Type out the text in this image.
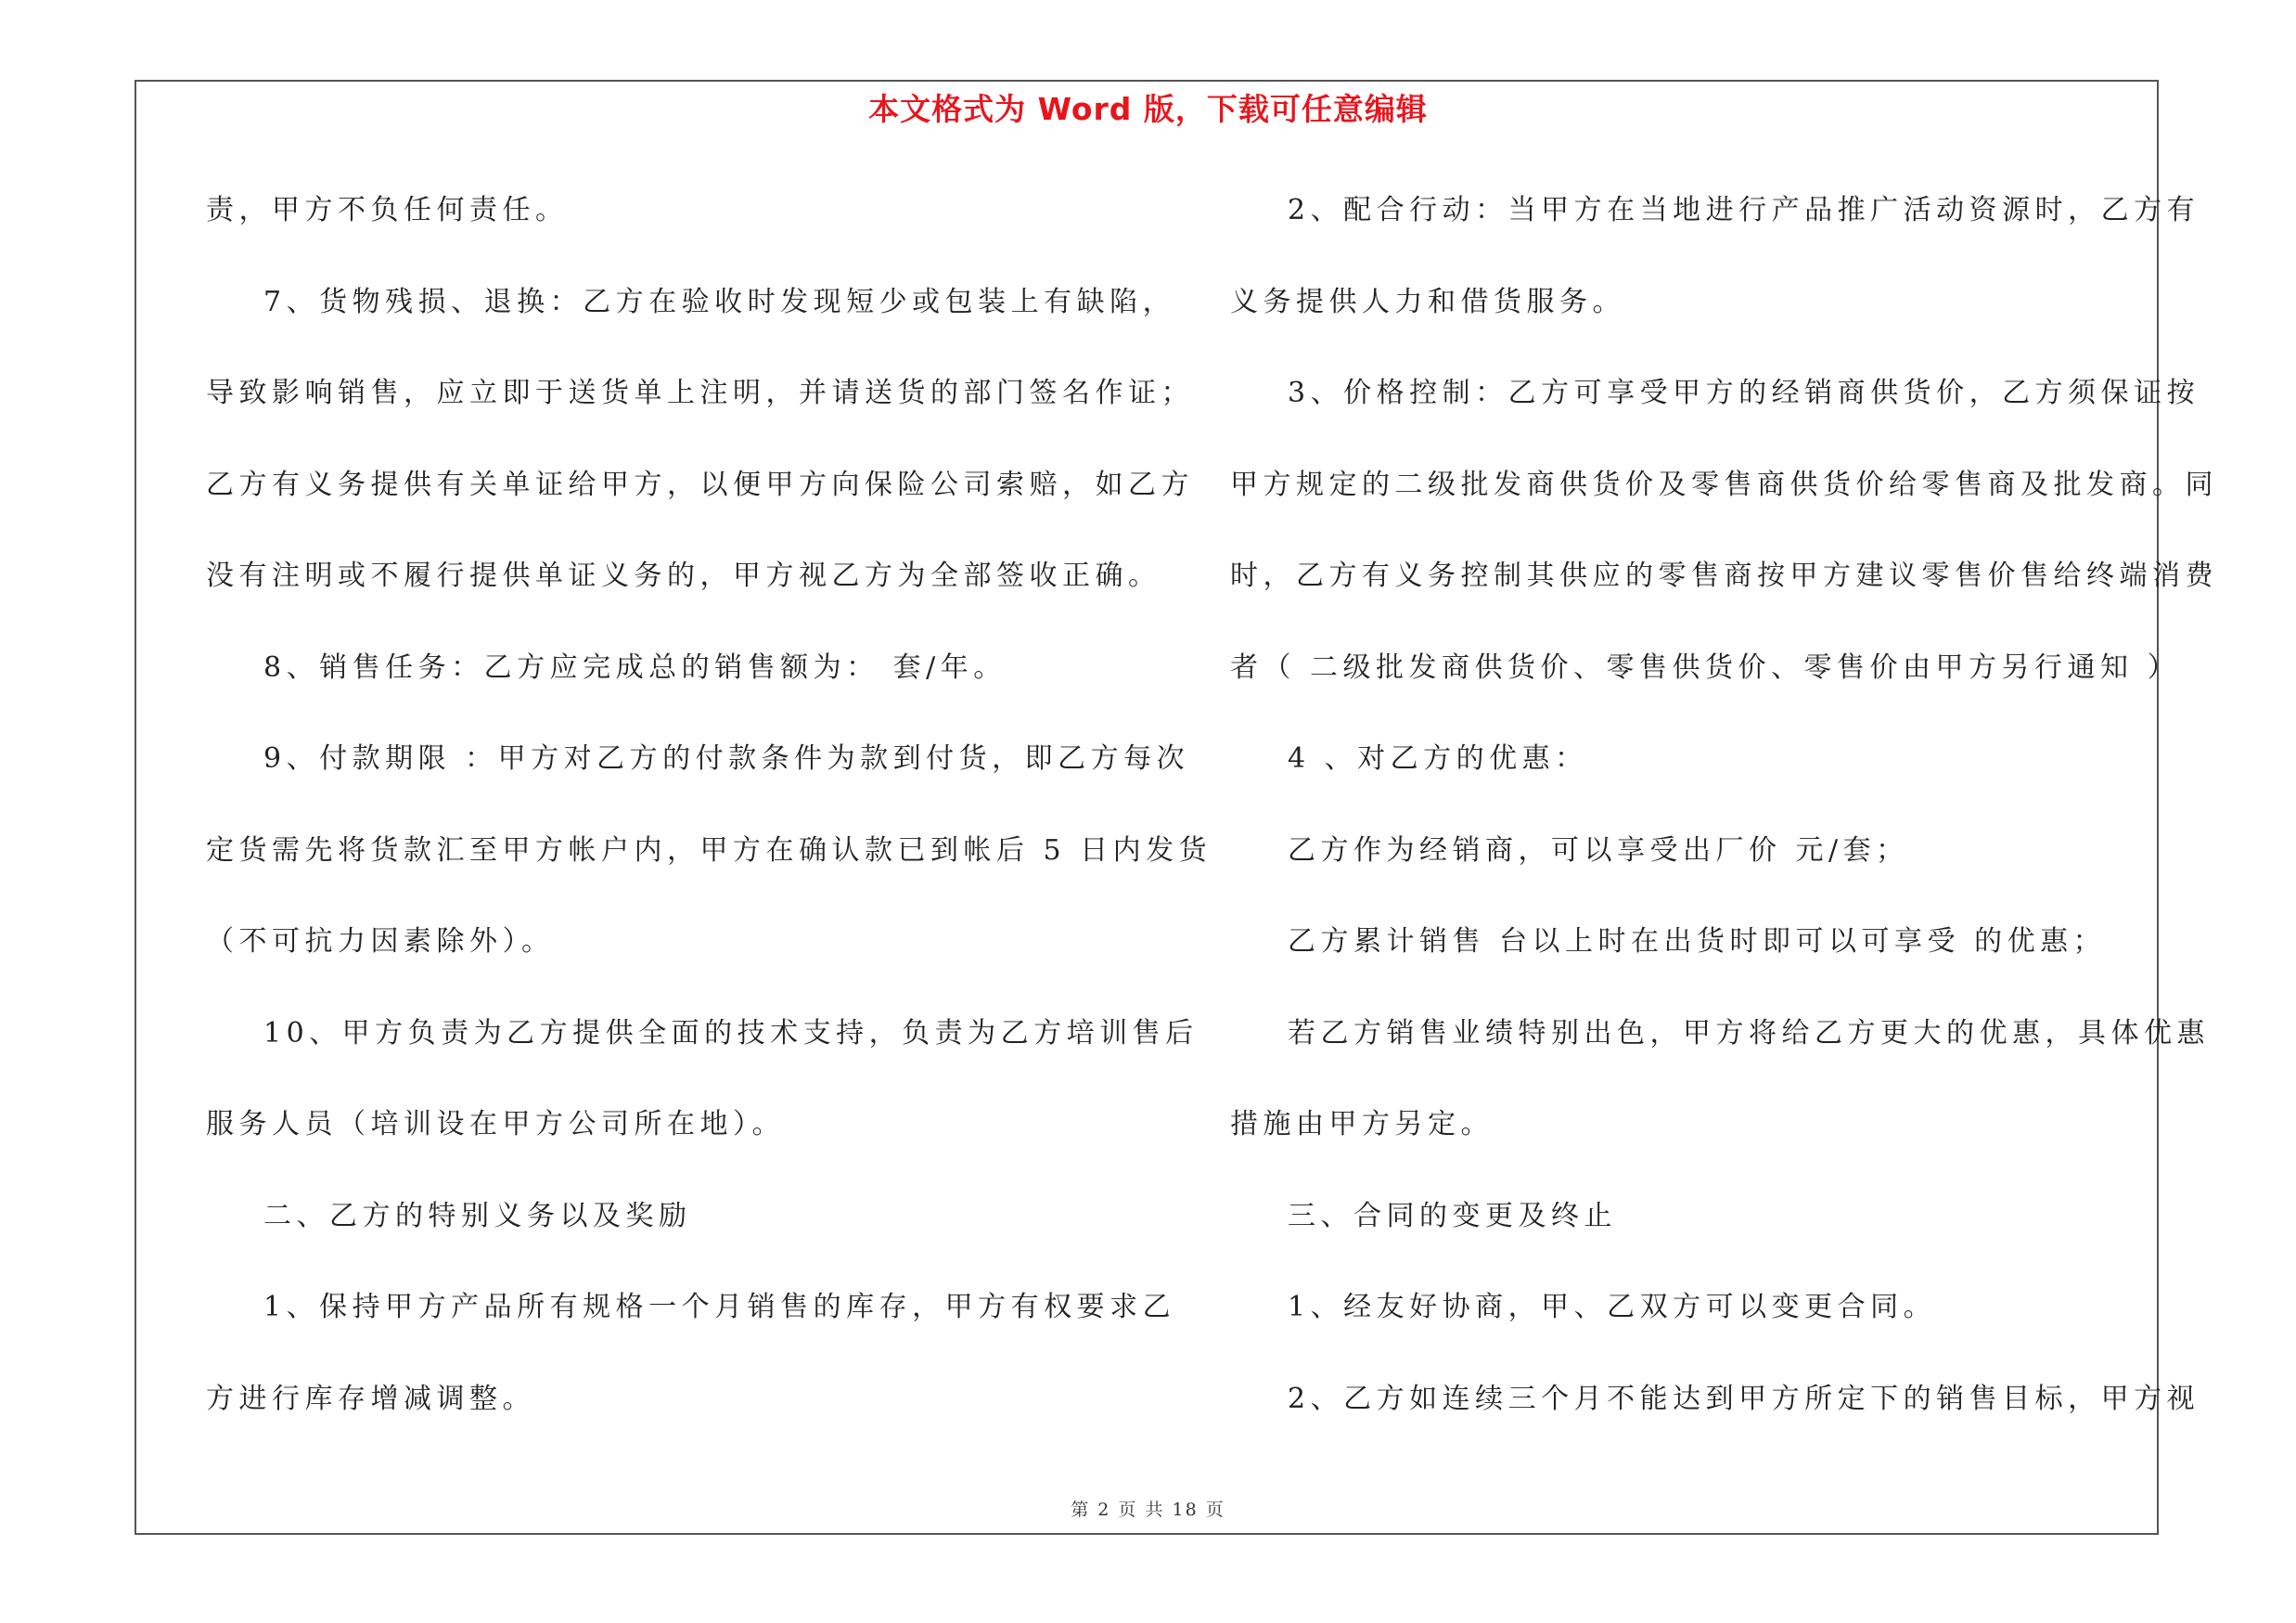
本文格式为 Word 版，下载可任意编辑
责，甲方不负任何责任。
7、货物残损、退换：乙方在验收时发现短少或包装上有缺陷，
导致影响销售，应立即于送货单上注明，并请送货的部门签名作证；
乙方有义务提供有关单证给甲方，以便甲方向保险公司索赔，如乙方
没有注明或不履行提供单证义务的，甲方视乙方为全部签收正确。
8、销售任务：乙方应完成总的销售额为： 套/年。
9、付款期限 ：甲方对乙方的付款条件为款到付货，即乙方每次
定货需先将货款汇至甲方帐户内，甲方在确认款已到帐后 5 日内发货
（不可抗力因素除外）。
10、甲方负责为乙方提供全面的技术支持，负责为乙方培训售后
服务人员（培训设在甲方公司所在地）。
二、乙方的特别义务以及奖励
1、保持甲方产品所有规格一个月销售的库存，甲方有权要求乙
方进行库存增减调整。
2、配合行动：当甲方在当地进行产品推广活动资源时，乙方有
义务提供人力和借货服务。
3、价格控制：乙方可享受甲方的经销商供货价，乙方须保证按
甲方规定的二级批发商供货价及零售商供货价给零售商及批发商。同
时，乙方有义务控制其供应的零售商按甲方建议零售价售给终端消费
者（ 二级批发商供货价、零售供货价、零售价由甲方另行通知 ）
4 、对乙方的优惠：
乙方作为经销商，可以享受出厂价 元/套；
乙方累计销售 台以上时在出货时即可以可享受 的优惠；
若乙方销售业绩特别出色，甲方将给乙方更大的优惠，具体优惠
措施由甲方另定。
三、合同的变更及终止
1、经友好协商，甲、乙双方可以变更合同。
2、乙方如连续三个月不能达到甲方所定下的销售目标，甲方视
第 2 页 共 18 页
